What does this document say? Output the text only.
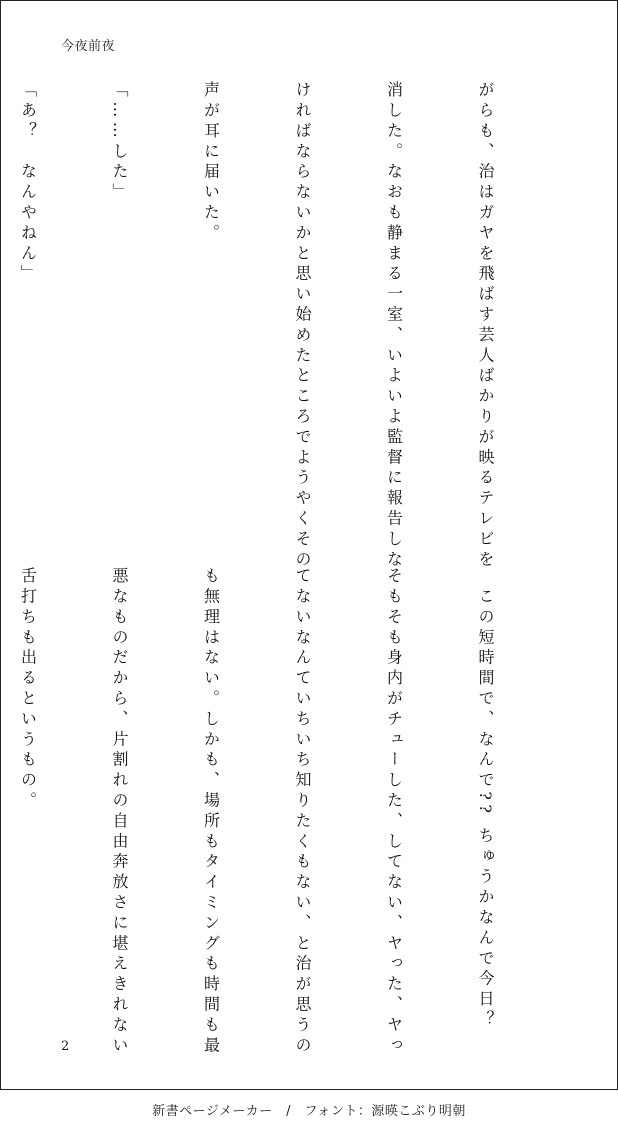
今夜前夜

がらも、治はガヤを飛ばす芸人ばかりが映るテレビを

消した。なおも静まる一室、いよいよ監督に報告しな

ければならないかと思い始めたところでようやくその

声が耳に届いた。

「……した」

「あ？　なんやねん」

　この短時間で、なんで?? ちゅうかなんで今日？

そもそも身内がチューした、してない、ヤった、ヤっ

てないなんていちいち知りたくもない、と治が思うの

も無理はない。しかも、場所もタイミングも時間も最

悪なものだから、片割れの自由奔放さに堪えきれない

舌打ちも出るというもの。

2
新書ページメーカー　/　フォント：源暎こぶり明朝
